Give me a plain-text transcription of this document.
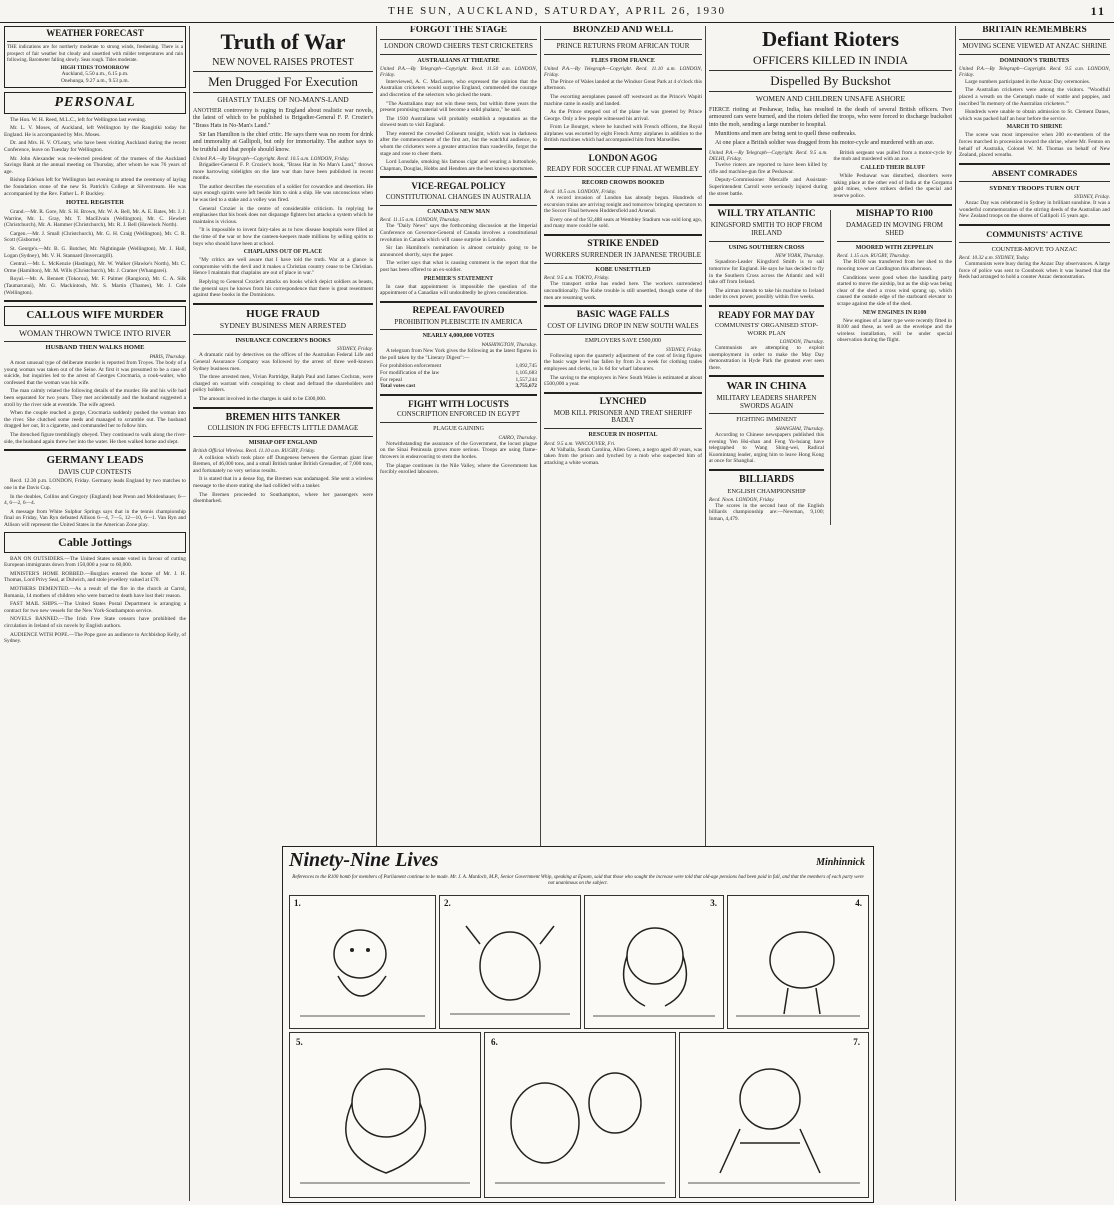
THE SUN, AUCKLAND, SATURDAY, APRIL 26, 1930	11
WEATHER FORECAST
THE indications are for northerly moderate to strong winds, freshening. There is a prospect of fair weather but cloudy and unsettled with milder temperatures and rain following. Barometer falling slowly. Seas rough. Tides moderate.
HIGH TIDES TOMORROW
Auckland, 5.50 a.m., 6.15 p.m.
Onehunga, 9.27 a.m., 9.53 p.m.
PERSONAL

The Hon. W. H. Reed, M.L.C., left for Wellington last evening.

Mr. L. V. Moses, of Auckland, left Wellington by the Rangitiki today for England. He is accompanied by Mrs. Moses.

Dr. and Mrs. H. V. O'Leary, who have been visiting Auckland during the recent Conference, leave on Tuesday for Wellington.

Mr. John Alexander was re-elected president of the trustees of the Auckland Savings Bank at the annual meeting on Thursday, after whom he was 76 years of age.

Bishop Edelson left for Wellington last evening to attend the ceremony of laying the foundation stone of the new St. Patrick's College at Silverstream. He was accompanied by the Rev. Father L. P. Buckley.

HOTEL REGISTER

Grand.—Mr. R. Gore, Mr. S. H. Brown, Mr. W. A. Bell, Mr. A. E. Bates, Mr. J. J. Warrine, Mr. L. Gray, Mr. T. MacElvain (Wellington), Mr. C. Hewlett (Christchurch), Mr. A. Hammer (Christchurch), Mr. R. J. Bell (Havelock North).

Cargen.—Mr. J. Small (Christchurch), Mr. G. H. Craig (Wellington), Mr. C. R. Scott (Gisborne).

St. George's.—Mr. B. G. Butcher, Mr. Nightingale (Wellington), Mr. J. Hall, Logan (Sydney), Mr. V. H. Stannard (Invercargill).

Central.—Mr. L. McKenzie (Hastings), Mr. W. Walker (Hawke's North), Mr. C. Orme (Hamilton), Mr. M. Wills (Christchurch), Mr. J. Cramer (Whangarei).

Royal.—Mr. A. Bennett (Tokoroa), Mr. F. Palmer (Rangiora), Mr. C. A. Silk (Taumarunui), Mr. G. Mackintosh, Mr. S. Martin (Thames), Mr. J. Cole (Wellington).

CALLOUS WIFE MURDER
WOMAN THROWN TWICE INTO RIVER
HUSBAND THEN WALKS HOME
PARIS, Thursday.

A most unusual type of deliberate murder is reported from Troyes. The body of a young woman was taken out of the Seine. At first it was presumed to be a case of suicide, but inquiries led to the arrest of Georges Crocmaria, a cook-waiter, who confessed that the woman was his wife.

The man calmly related the following details of the murder. He and his wife had been separated for two years. They met accidentally and the husband suggested a stroll by the river side at eventide. The wife agreed.

When the couple reached a gorge, Crocmaria suddenly pushed the woman into the river. She clutched some reeds and managed to scramble out. The husband dragged her out, lit a cigarette, and commanded her to follow him.

The drenched figure tremblingly obeyed. They continued to walk along the river-side, the husband again threw her into the water. He then walked home and slept.

GERMANY LEADS
DAVIS CUP CONTESTS

Recd. 12.30 p.m. LONDON, Friday. Germany leads England by two matches to one in the Davis Cup.

In the doubles, Collins and Gregory (England) beat Prenn and Moldenhauer, 6—4, 6—2, 6—4.

A message from White Sulphur Springs says that in the tennis championship final on Friday, Van Ryn defeated Allison 6—4, 7—5, 12—10, 6—1. Van Ryn and Allison will represent the United States in the American Zone play.

Cable Jottings

BAN ON OUTSIDERS.—The United States senate voted in favour of cutting European immigrants down from 150,000 a year to 60,000.

MINISTER'S HOME ROBBED.—Burglars entered the home of Mr. J. H. Thomas, Lord Privy Seal, at Dulwich, and stole jewellery valued at £70.

MOTHERS DEMENTED.—As a result of the fire in the church at Carrol, Romania, 14 mothers of children who were burned to death have lost their reason.

FAST MAIL SHIPS.—The United States Postal Department is arranging a contract for two new vessels for the New York-Southampton service.

NOVELS BANNED.—The Irish Free State censors have prohibited the circulation in Ireland of six novels by English authors.

AUDIENCE WITH POPE.—The Pope gave an audience to Archbishop Kelly, of Sydney.

Truth of War
NEW NOVEL RAISES PROTEST
Men Drugged For Execution
GHASTLY TALES OF NO-MAN'S-LAND

ANOTHER controversy is raging in England about realistic war novels, the latest of which to be published is Brigadier-General F. P. Crozier's "Brass Hats in No-Man's Land."

Sir Ian Hamilton is the chief critic. He says there was no room for drink and immorality at Gallipoli, but only for immortality. The author says to be truthful and that people should know.

United P.A.—By Telegraph—Copyright. Recd. 10.5 a.m. LONDON, Friday.

Brigadier-General F. P. Crozier's book, "Brass Hat in No Man's Land," throws more harrowing sidelights on the late war than have been published in recent months.

The author describes the execution of a soldier for cowardice and desertion. He says enough spirits were left beside him to sink a ship. He was unconscious when he was tied to a stake and a volley was fired.

General Crozier is the centre of considerable criticism. In replying he emphasises that his book does not disparage fighters but attacks a system which he maintains is vicious.

"It is impossible to invent fairy-tales as to how disease hospitals were filled at the time of the war or how the canteen-keepers made millions by selling spirits to boys who should have been at school.

CHAPLAINS OUT OF PLACE

"My critics are well aware that I have told the truth. War at a glance is compromise with the devil and it makes a Christian country cease to be Christian. Hence I maintain that chaplains are out of place in war."

Replying to General Crozier's attacks on books which depict soldiers as beasts, the general says he knows from his correspondence that there is great resentment against these books in the Dominions.

HUGE FRAUD
SYDNEY BUSINESS MEN ARRESTED
INSURANCE CONCERN'S BOOKS
SYDNEY, Friday.

A dramatic raid by detectives on the offices of the Australian Federal Life and General Assurance Company was followed by the arrest of three well-known Sydney business men.

The three arrested men, Vivian Partridge, Ralph Paul and James Cochran, were charged on warrant with conspiring to cheat and defraud the shareholders and policy holders.

The amount involved in the charges is said to be £300,000.

BREMEN HITS TANKER
COLLISION IN FOG EFFECTS LITTLE DAMAGE
MISHAP OFF ENGLAND
British Official Wireless. Recd. 11.10 a.m. RUGBY, Friday.

A collision which took place off Dungeness between the German giant liner Bremen, of 46,000 tons, and a small British tanker British Grenadier, of 7,000 tons, and fortunately no very serious results.

It is stated that in a dense fog, the Bremen was undamaged. She sent a wireless message to the shore stating she had collided with a tanker.

The Bremen proceeded to Southampton, where her passengers were disembarked.

FORGOT THE STAGE
LONDON CROWD CHEERS TEST CRICKETERS
AUSTRALIANS AT THEATRE
United P.A.—By Telegraph—Copyright. Recd. 11.50 a.m. LONDON, Friday.

Interviewed, A. C. MacLaren, who expressed the opinion that the Australian cricketers would surprise England, commended the courage and discretion of the selectors who picked the team.

"The Australians may not win these tests, but within three years the present promising material will become a solid phalanx," he said.

The 1930 Australians will probably establish a reputation as the slowest team to visit England.

They entered the crowded Coliseum tonight, which was in darkness after the commencement of the first act, but the watchful audience, to whom the cricketers were a greater attraction than vaudeville, forgot the stage and rose to cheer them.

Lord Lonsdale, smoking his famous cigar and wearing a buttonhole, Chapman, Douglas, Hobbs and Hendren are the best known sportsmen.

VICE-REGAL POLICY
CONSTITUTIONAL CHANGES IN AUSTRALIA
CANADA'S NEW MAN
Recd. 11.15 a.m. LONDON, Thursday.

The "Daily News" says the forthcoming discussion at the Imperial Conference on Governor-General of Canada involves a constitutional revolution in Canada which will cause surprise in London.

Sir Ian Hamilton's nomination is almost certainly going to be announced shortly, says the paper.

The writer says that what is causing comment is the report that the post has been offered to an ex-soldier.

PREMIER'S STATEMENT

In case that appointment is impossible the question of the appointment of a Canadian will undoubtedly be given consideration.

REPEAL FAVOURED
PROHIBITION PLEBISCITE IN AMERICA
NEARLY 4,000,000 VOTES
WASHINGTON, Thursday.

A telegram from New York gives the following as the latest figures in the poll taken by the "Literary Digest":—

For prohibition enforcement	1,092,745
For modification of the law	1,105,683
For repeal	1,557,244
Total votes cast	3,755,672
FIGHT WITH LOCUSTS
CONSCRIPTION ENFORCED IN EGYPT
PLAGUE GAINING
CAIRO, Thursday.

Notwithstanding the assurance of the Government, the locust plague on the Sinai Peninsula grows more serious. Troops are using flame-throwers in endeavouring to stem the hordes.

The plague continues in the Nile Valley, where the Government has forcibly enrolled labourers.

BRONZED AND WELL
PRINCE RETURNS FROM AFRICAN TOUR
FLIES FROM FRANCE
United P.A.—By Telegraph—Copyright. Recd. 11.10 a.m. LONDON, Friday.

The Prince of Wales landed at the Windsor Great Park at 4 o'clock this afternoon.

The escorting aeroplanes passed off westward as the Prince's Wapiti machine came in easily and landed.

As the Prince stepped out of the plane he was greeted by Prince George. Only a few people witnessed his arrival.

From Le Bourget, where he lunched with French officers, the Royal airplanes was escorted by eight French Army airplanes in addition to the British machines which had accompanied him from Marseilles.

LONDON AGOG
READY FOR SOCCER CUP FINAL AT WEMBLEY
RECORD CROWDS BOOKED
Recd. 10.5 a.m. LONDON, Friday.

A record invasion of London has already begun. Hundreds of excursion trains are arriving tonight and tomorrow bringing spectators to the Soccer Final between Huddersfield and Arsenal.

Every one of the 92,488 seats at Wembley Stadium was sold long ago, and many more could be sold.

STRIKE ENDED
WORKERS SURRENDER IN JAPANESE TROUBLE
KOBE UNSETTLED
Recd. 9.5 a.m. TOKYO, Friday.

The transport strike has ended here. The workers surrendered unconditionally. The Kobe trouble is still unsettled, though some of the men are resuming work.

BASIC WAGE FALLS
COST OF LIVING DROP IN NEW SOUTH WALES
EMPLOYERS SAVE £500,000
SYDNEY, Friday.

Following upon the quarterly adjustment of the cost of living figures the basic wage level has fallen by from 2s a week for clothing trades employees and clerks, to 3s 6d for wharf labourers.

The saving to the employers in New South Wales is estimated at about £500,000 a year.

LYNCHED
MOB KILL PRISONER AND TREAT SHERIFF BADLY
RESCUER IN HOSPITAL
Recd. 9.5 a.m. VANCOUVER, Fri.

At Valhalla, South Carolina, Allen Green, a negro aged 40 years, was taken from the prison and lynched by a mob who suspected him of attacking a white woman.

Defiant Rioters
OFFICERS KILLED IN INDIA
Dispelled By Buckshot
WOMEN AND CHILDREN UNSAFE ASHORE

FIERCE rioting at Peshawar, India, has resulted in the death of several British officers. Two armoured cars were burned, and the rioters defied the troops, who were forced to discharge buckshot into the mob, sending a large number to hospital.

Munitions and men are being sent to quell these outbreaks.

At one place a British soldier was dragged from his motor-cycle and murdered with an axe.

United P.A.—By Telegraph—Copyright. Recd. 9.5 a.m. DELHI, Friday.

Twelve rioters are reported to have been killed by rifle and machine-gun fire at Peshawar.

Deputy-Commissioner Metcalfe and Assistant-Superintendent Carroll were seriously injured during the street battle.

British sergeant was pulled from a motor-cycle by the mob and murdered with an axe.

CALLED THEIR BLUFF

While Peshawar was disturbed, disorders were taking place at the other end of India at the Gorgama gold mines, where strikers defied the special and reserve police.

WILL TRY ATLANTIC
KINGSFORD SMITH TO HOP FROM IRELAND
USING SOUTHERN CROSS
NEW YORK, Thursday.

Squadron-Leader Kingsford Smith is to sail tomorrow for England. He says he has decided to fly in the Southern Cross across the Atlantic and will take off from Ireland.

The airman intends to take his machine to Ireland under its own power, possibly within five weeks.

READY FOR MAY DAY
COMMUNISTS' ORGANISED STOP-WORK PLAN
LONDON, Thursday.

Communists are attempting to exploit unemployment in order to make the May Day demonstration in Hyde Park the greatest ever seen there.

WAR IN CHINA
MILITARY LEADERS SHARPEN SWORDS AGAIN
FIGHTING IMMINENT
SHANGHAI, Thursday.

According to Chinese newspapers published this evening Yen Hsi-shan and Feng Yu-hsiang have telegraphed to Wang Shing-wei, Radical Kuomintang leader, urging him to leave Hong Kong at once for Shanghai.

BILLIARDS
ENGLISH CHAMPIONSHIP
Recd. Noon. LONDON, Friday.

The scores in the second heat of the English billiards championship are:—Newman, 9,100; Inman, 4,479.

MISHAP TO R100
DAMAGED IN MOVING FROM SHED
MOORED WITH ZEPPELIN
Recd. 1.15 a.m. RUGBY, Thursday.

The R100 was transferred from her shed to the mooring tower at Cardington this afternoon.

Conditions were good when the handling party started to move the airship, but as the ship was being clear of the shed a cross wind sprang up, which caused the outside edge of the starboard elevator to scrape against the side of the shed.

NEW ENGINES IN R100

New engines of a later type were recently fitted in R100 and these, as well as the envelope and the wireless installation, will be under special observation during the flight.

BRITAIN REMEMBERS
MOVING SCENE VIEWED AT ANZAC SHRINE
DOMINION'S TRIBUTES
United P.A.—By Telegraph—Copyright. Recd. 9.5 a.m. LONDON, Friday.

Large numbers participated in the Anzac Day ceremonies.

The Australian cricketers were among the visitors. "Woodfull placed a wreath on the Cenotaph made of wattle and poppies, and inscribed 'In memory of the Australian cricketers.'"

Hundreds were unable to obtain admission to St. Clement Danes, which was packed half an hour before the service.

MARCH TO SHRINE

The scene was most impressive when 200 ex-members of the forces marched in procession toward the shrine, where Mr. Fenton on behalf of Australia, Colonel W. M. Thomas on behalf of New Zealand, placed wreaths.

ABSENT COMRADES
SYDNEY TROOPS TURN OUT
SYDNEY, Friday.

Anzac Day was celebrated in Sydney in brilliant sunshine. It was a wonderful commemoration of the stirring deeds of the Australian and New Zealand troops on the shores of Gallipoli 15 years ago.

COMMUNISTS' ACTIVE
COUNTER-MOVE TO ANZAC
Recd. 10.32 a.m. SYDNEY, Today.

Communists were busy during the Anzac Day observances. A large force of police was sent to Coonbook when it was learned that the Reds had arranged to hold a counter Anzac demonstration.

Ninety-Nine Lives	Minhinnick
References to the R100 bomb for members of Parliament continue to be made. Mr. J. A. Murdoch, M.P., Senior Government Whip, speaking at Epsom, said that those who sought the increase were told that old-age pensions had been paid in full, and that the members of each party were not unanimous on the subject.
1.	2.	3.	4.
5.	6.	7.
